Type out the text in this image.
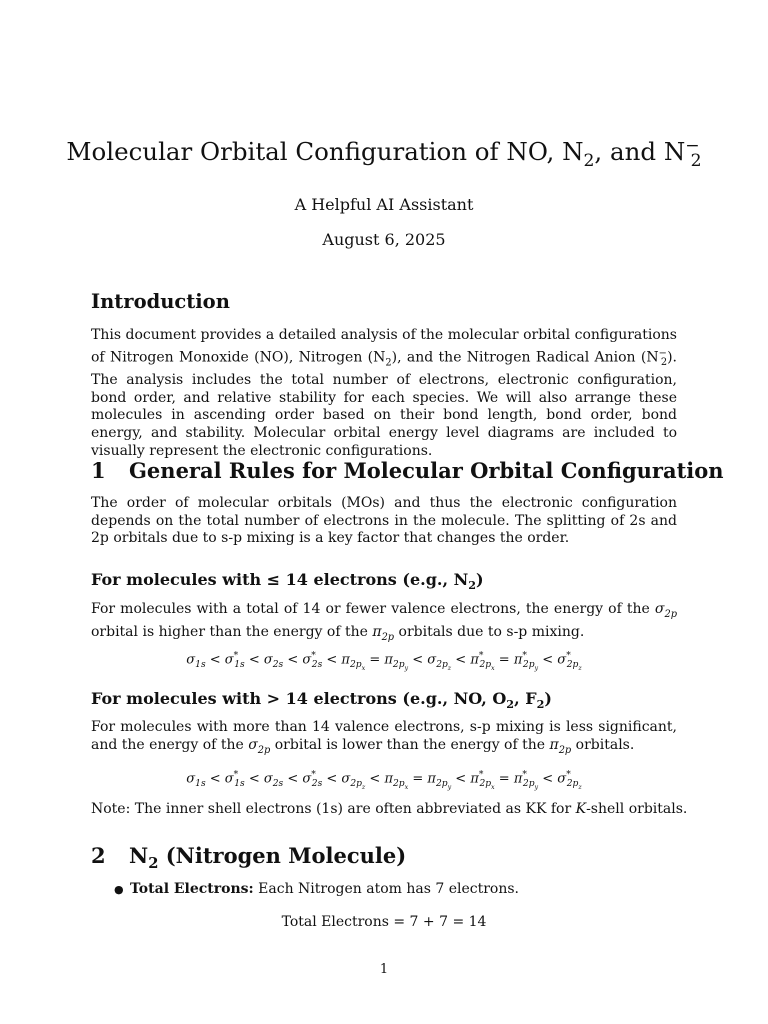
Molecular Orbital Configuration of NO, $N_2$, and $N^-_2$
A Helpful AI Assistant
August 6, 2025
Introduction

This document provides a detailed analysis of the molecular orbital configurations of Nitrogen Monoxide (NO), Nitrogen $(N_2)$, and the Nitrogen Radical Anion $(N^-_2)$. The analysis includes the total number of electrons, electronic configuration, bond order, and relative stability for each species. We will also arrange these molecules in ascending order based on their bond length, bond order, bond energy, and stability. Molecular orbital energy level diagrams are included to visually represent the electronic configurations.

1 General Rules for Molecular Orbital Configuration

The order of molecular orbitals (MOs) and thus the electronic configuration depends on the total number of electrons in the molecule. The splitting of 2s and 2p orbitals due to s-p mixing is a key factor that changes the order.

For molecules with ≤ 14 electrons (e.g., $N_2$)

For molecules with a total of 14 or fewer valence electrons, the energy of the $\sigma_{2p}$ orbital is higher than the energy of the $\pi_{2p}$ orbitals due to s-p mixing.

$\sigma_{1s} < \sigma^*_{1s} < \sigma_{2s} < \sigma^*_{2s} < \pi_{2p_x} = \pi_{2p_y} < \sigma_{2p_z} < \pi^*_{2p_x} = \pi^*_{2p_y} < \sigma^*_{2p_z}$
For molecules with > 14 electrons (e.g., NO, $O_2$, $F_2$)

For molecules with more than 14 valence electrons, s-p mixing is less significant, and the energy of the $\sigma_{2p}$ orbital is lower than the energy of the $\pi_{2p}$ orbitals.

$\sigma_{1s} < \sigma^*_{1s} < \sigma_{2s} < \sigma^*_{2s} < \sigma_{2p_z} < \pi_{2p_x} = \pi_{2p_y} < \pi^*_{2p_x} = \pi^*_{2p_y} < \sigma^*_{2p_z}$
Note: The inner shell electrons (1s) are often abbreviated as KK for K-shell orbitals.
2 $N_2$ (Nitrogen Molecule)
● Total Electrons: Each Nitrogen atom has 7 electrons.
Total Electrons = 7 + 7 = 14
1
